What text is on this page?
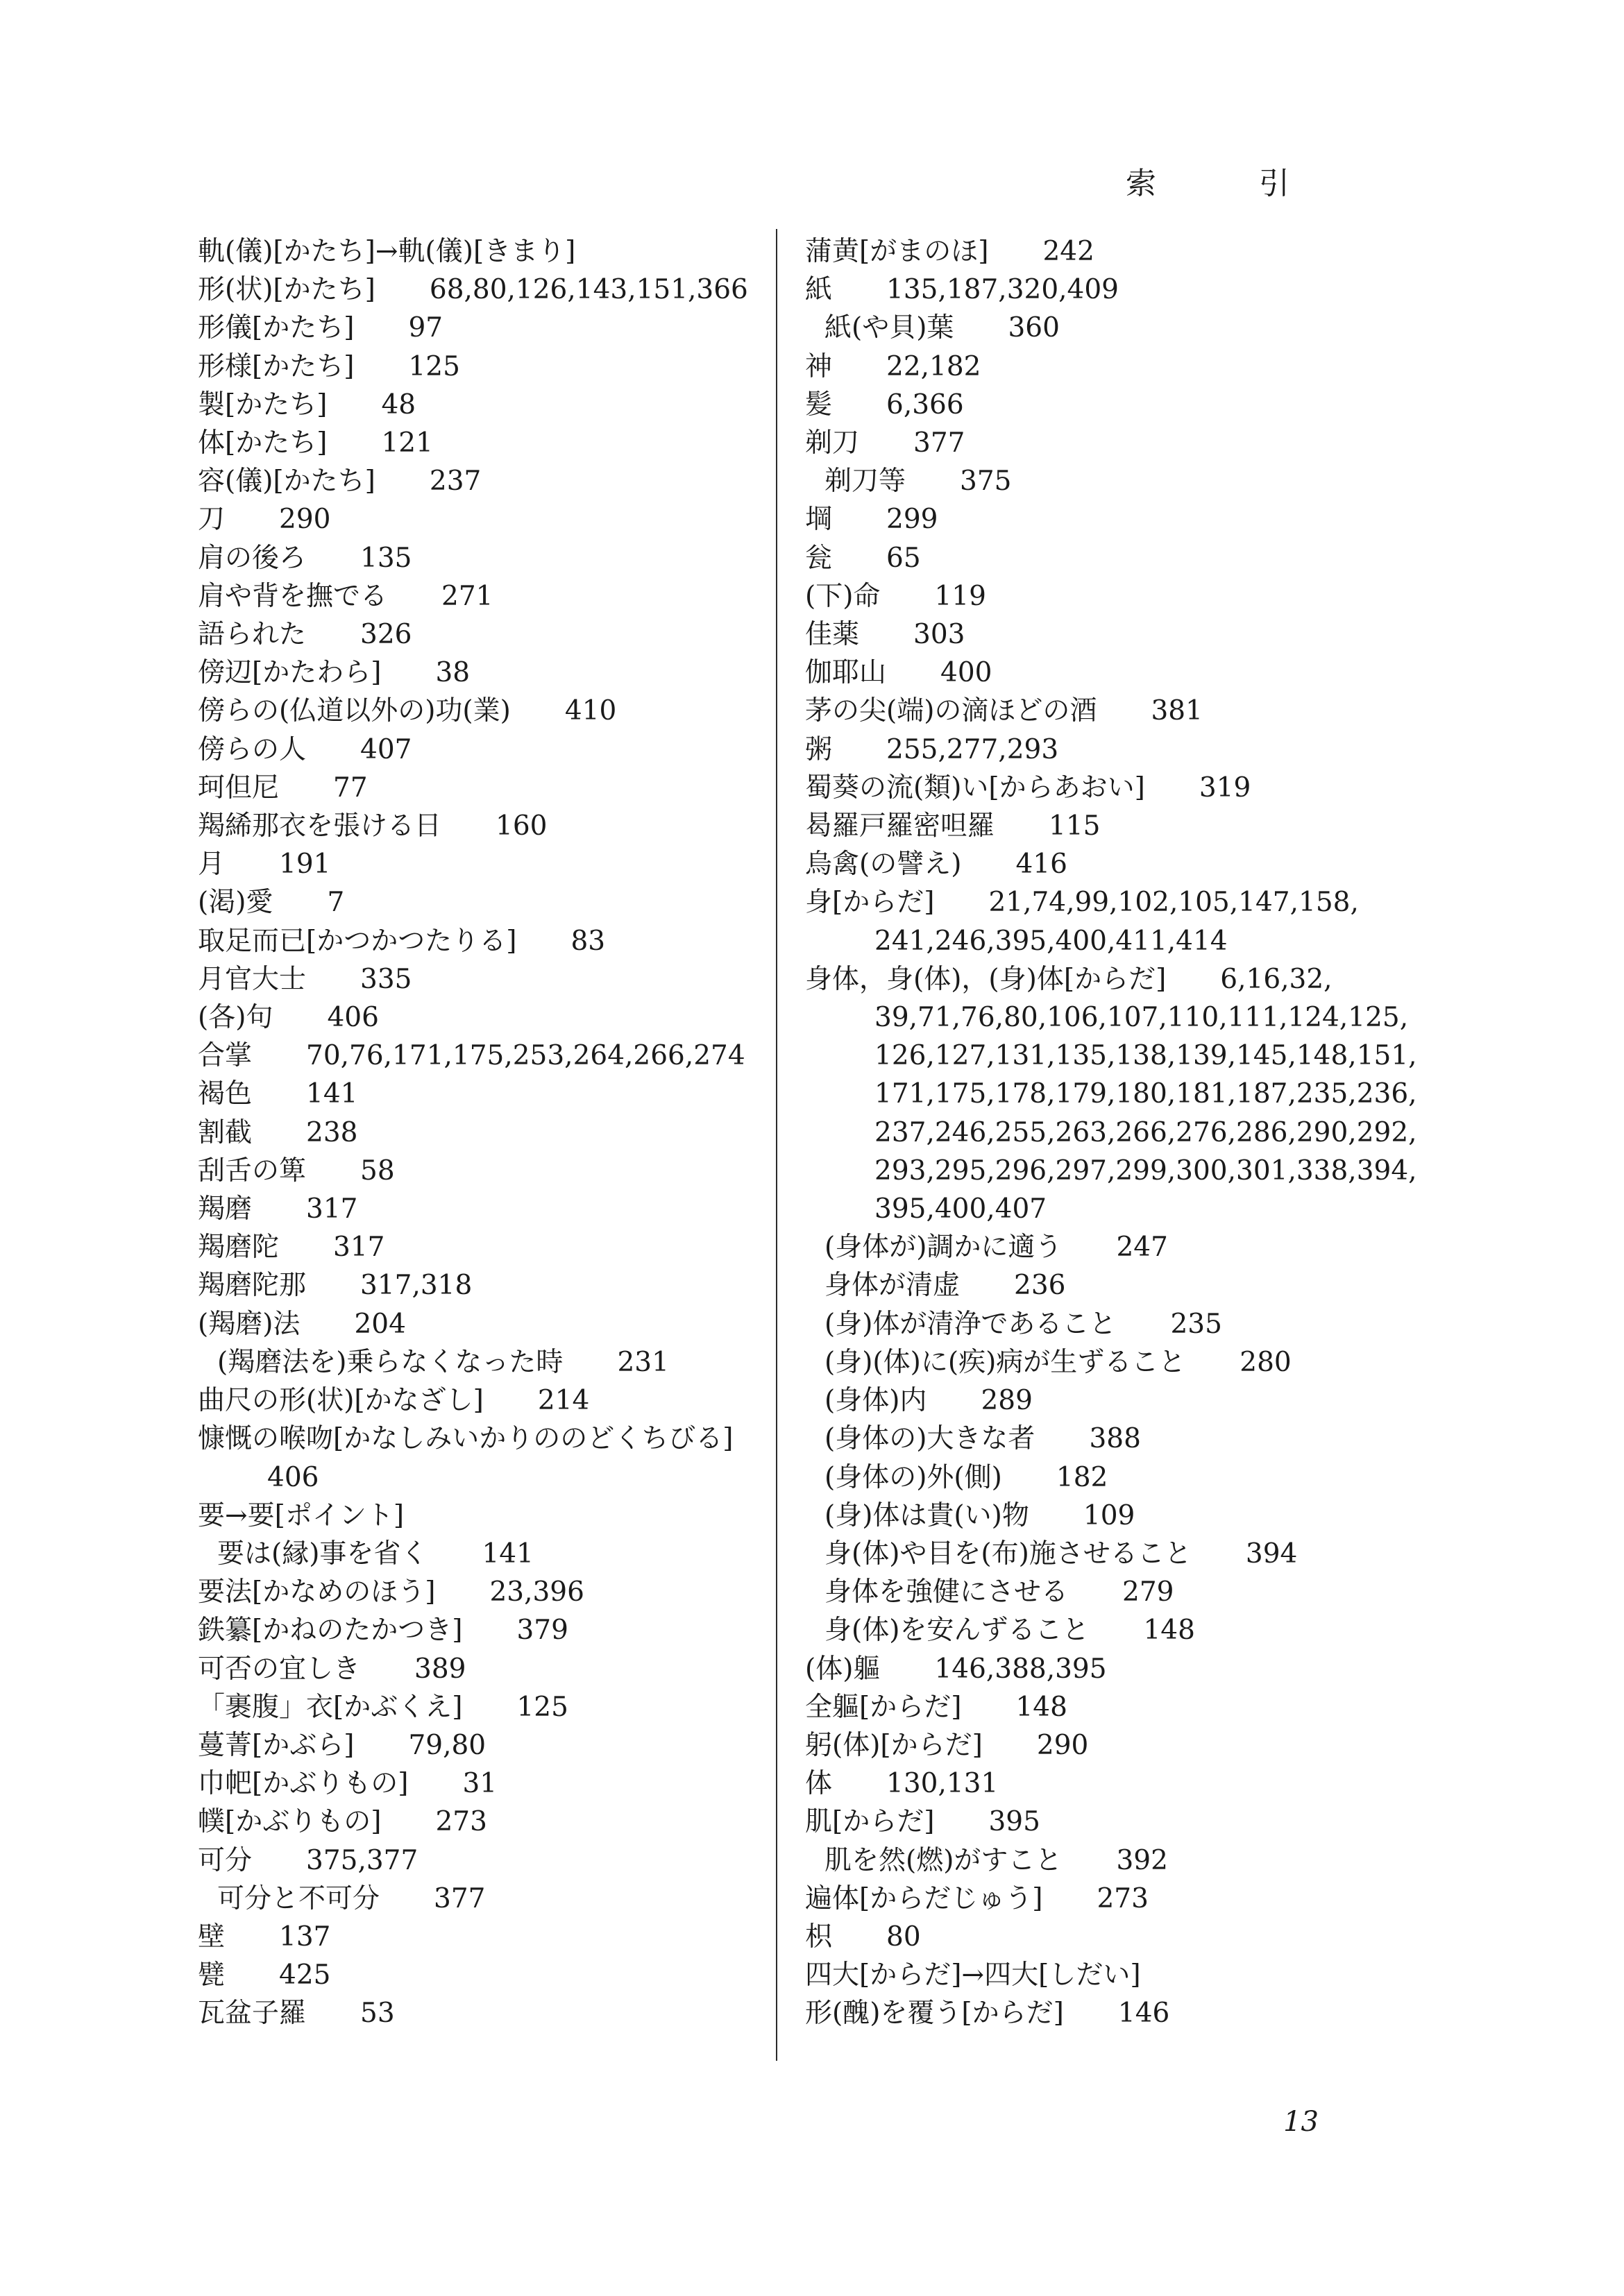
索　引
軌(儀)[かたち]→軌(儀)[きまり]
形(状)[かたち] 68,80,126,143,151,366
形儀[かたち] 97
形様[かたち] 125
製[かたち] 48
体[かたち] 121
容(儀)[かたち] 237
刀 290
肩の後ろ 135
肩や背を撫でる 271
語られた 326
傍辺[かたわら] 38
傍らの(仏道以外の)功(業) 410
傍らの人 407
珂但尼 77
羯絺那衣を張ける日 160
月 191
(渇)愛 7
取足而已[かつかつたりる] 83
月官大士 335
(各)句 406
合掌 70,76,171,175,253,264,266,274
褐色 141
割截 238
刮舌の箄 58
羯磨 317
羯磨陀 317
羯磨陀那 317,318
(羯磨)法 204
(羯磨法を)乗らなくなった時 231
曲尺の形(状)[かなざし] 214
慷慨の喉吻[かなしみいかりののどくちびる]
406
要→要[ポイント]
要は(縁)事を省く 141
要法[かなめのほう] 23,396
鉄纂[かねのたかつき] 379
可否の宜しき 389
「裹腹」衣[かぶくえ] 125
蔓菁[かぶら] 79,80
巾帊[かぶりもの] 31
幞[かぶりもの] 273
可分 375,377
可分と不可分 377
壁 137
甓 425
瓦盆子羅 53
蒲黄[がまのほ] 242
紙 135,187,320,409
紙(や貝)葉 360
神 22,182
髪 6,366
剃刀 377
剃刀等 375
堈 299
瓮 65
(下)命 119
佳薬 303
伽耶山 400
茅の尖(端)の滴ほどの酒 381
粥 255,277,293
蜀葵の流(類)い[からあおい] 319
曷羅戸羅密呾羅 115
烏禽(の譬え) 416
身[からだ] 21,74,99,102,105,147,158,
241,246,395,400,411,414
身体，身(体)，(身)体[からだ] 6,16,32,
39,71,76,80,106,107,110,111,124,125,
126,127,131,135,138,139,145,148,151,
171,175,178,179,180,181,187,235,236,
237,246,255,263,266,276,286,290,292,
293,295,296,297,299,300,301,338,394,
395,400,407
(身体が)調かに適う 247
身体が清虚 236
(身)体が清浄であること 235
(身)(体)に(疾)病が生ずること 280
(身体)内 289
(身体の)大きな者 388
(身体の)外(側) 182
(身)体は貴(い)物 109
身(体)や目を(布)施させること 394
身体を強健にさせる 279
身(体)を安んずること 148
(体)軀 146,388,395
全軀[からだ] 148
躬(体)[からだ] 290
体 130,131
肌[からだ] 395
肌を然(燃)がすこと 392
遍体[からだじゅう] 273
枳 80
四大[からだ]→四大[しだい]
形(醜)を覆う[からだ] 146
13
